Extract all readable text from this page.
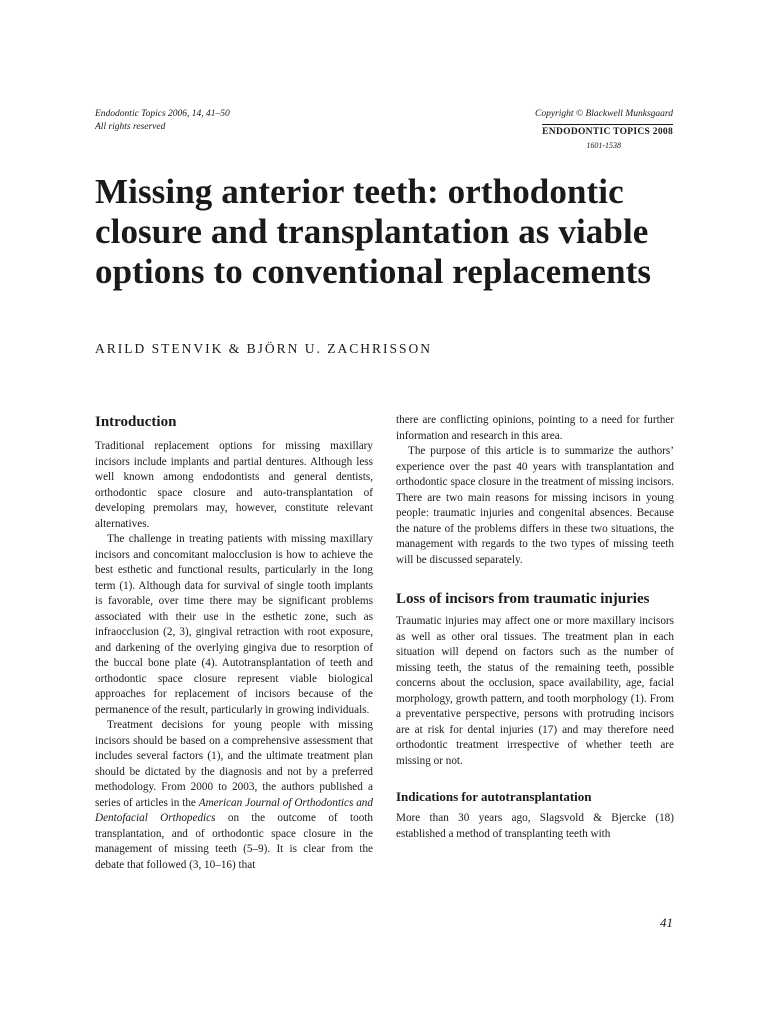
Endodontic Topics 2006, 14, 41–50
All rights reserved
Copyright © Blackwell Munksgaard
ENDODONTIC TOPICS 2008
1601-1538
Missing anterior teeth: orthodontic closure and transplantation as viable options to conventional replacements
ARILD STENVIK & BJÖRN U. ZACHRISSON
Introduction

Traditional replacement options for missing maxillary incisors include implants and partial dentures. Although less well known among endodontists and general dentists, orthodontic space closure and auto-transplantation of developing premolars may, however, constitute relevant alternatives.

The challenge in treating patients with missing maxillary incisors and concomitant malocclusion is how to achieve the best esthetic and functional results, particularly in the long term (1). Although data for survival of single tooth implants is favorable, over time there may be significant problems associated with their use in the esthetic zone, such as infraocclusion (2, 3), gingival retraction with root exposure, and darkening of the overlying gingiva due to resorption of the buccal bone plate (4). Autotransplantation of teeth and orthodontic space closure represent viable biological approaches for replacement of incisors because of the permanence of the result, particularly in growing individuals.

Treatment decisions for young people with missing incisors should be based on a comprehensive assessment that includes several factors (1), and the ultimate treatment plan should be dictated by the diagnosis and not by a preferred methodology. From 2000 to 2003, the authors published a series of articles in the American Journal of Orthodontics and Dentofacial Orthopedics on the outcome of tooth transplantation, and of orthodontic space closure in the management of missing teeth (5–9). It is clear from the debate that followed (3, 10–16) that

there are conflicting opinions, pointing to a need for further information and research in this area.

The purpose of this article is to summarize the authors’ experience over the past 40 years with transplantation and orthodontic space closure in the treatment of missing incisors. There are two main reasons for missing incisors in young people: traumatic injuries and congenital absences. Because the nature of the problems differs in these two situations, the management with regards to the two types of missing teeth will be discussed separately.

Loss of incisors from traumatic injuries

Traumatic injuries may affect one or more maxillary incisors as well as other oral tissues. The treatment plan in each situation will depend on factors such as the number of missing teeth, the status of the remaining teeth, possible concerns about the occlusion, space availability, age, facial morphology, growth pattern, and tooth morphology (1). From a preventative perspective, persons with protruding incisors are at risk for dental injuries (17) and may therefore need orthodontic treatment irrespective of whether teeth are missing or not.

Indications for autotransplantation

More than 30 years ago, Slagsvold & Bjercke (18) established a method of transplanting teeth with

41
